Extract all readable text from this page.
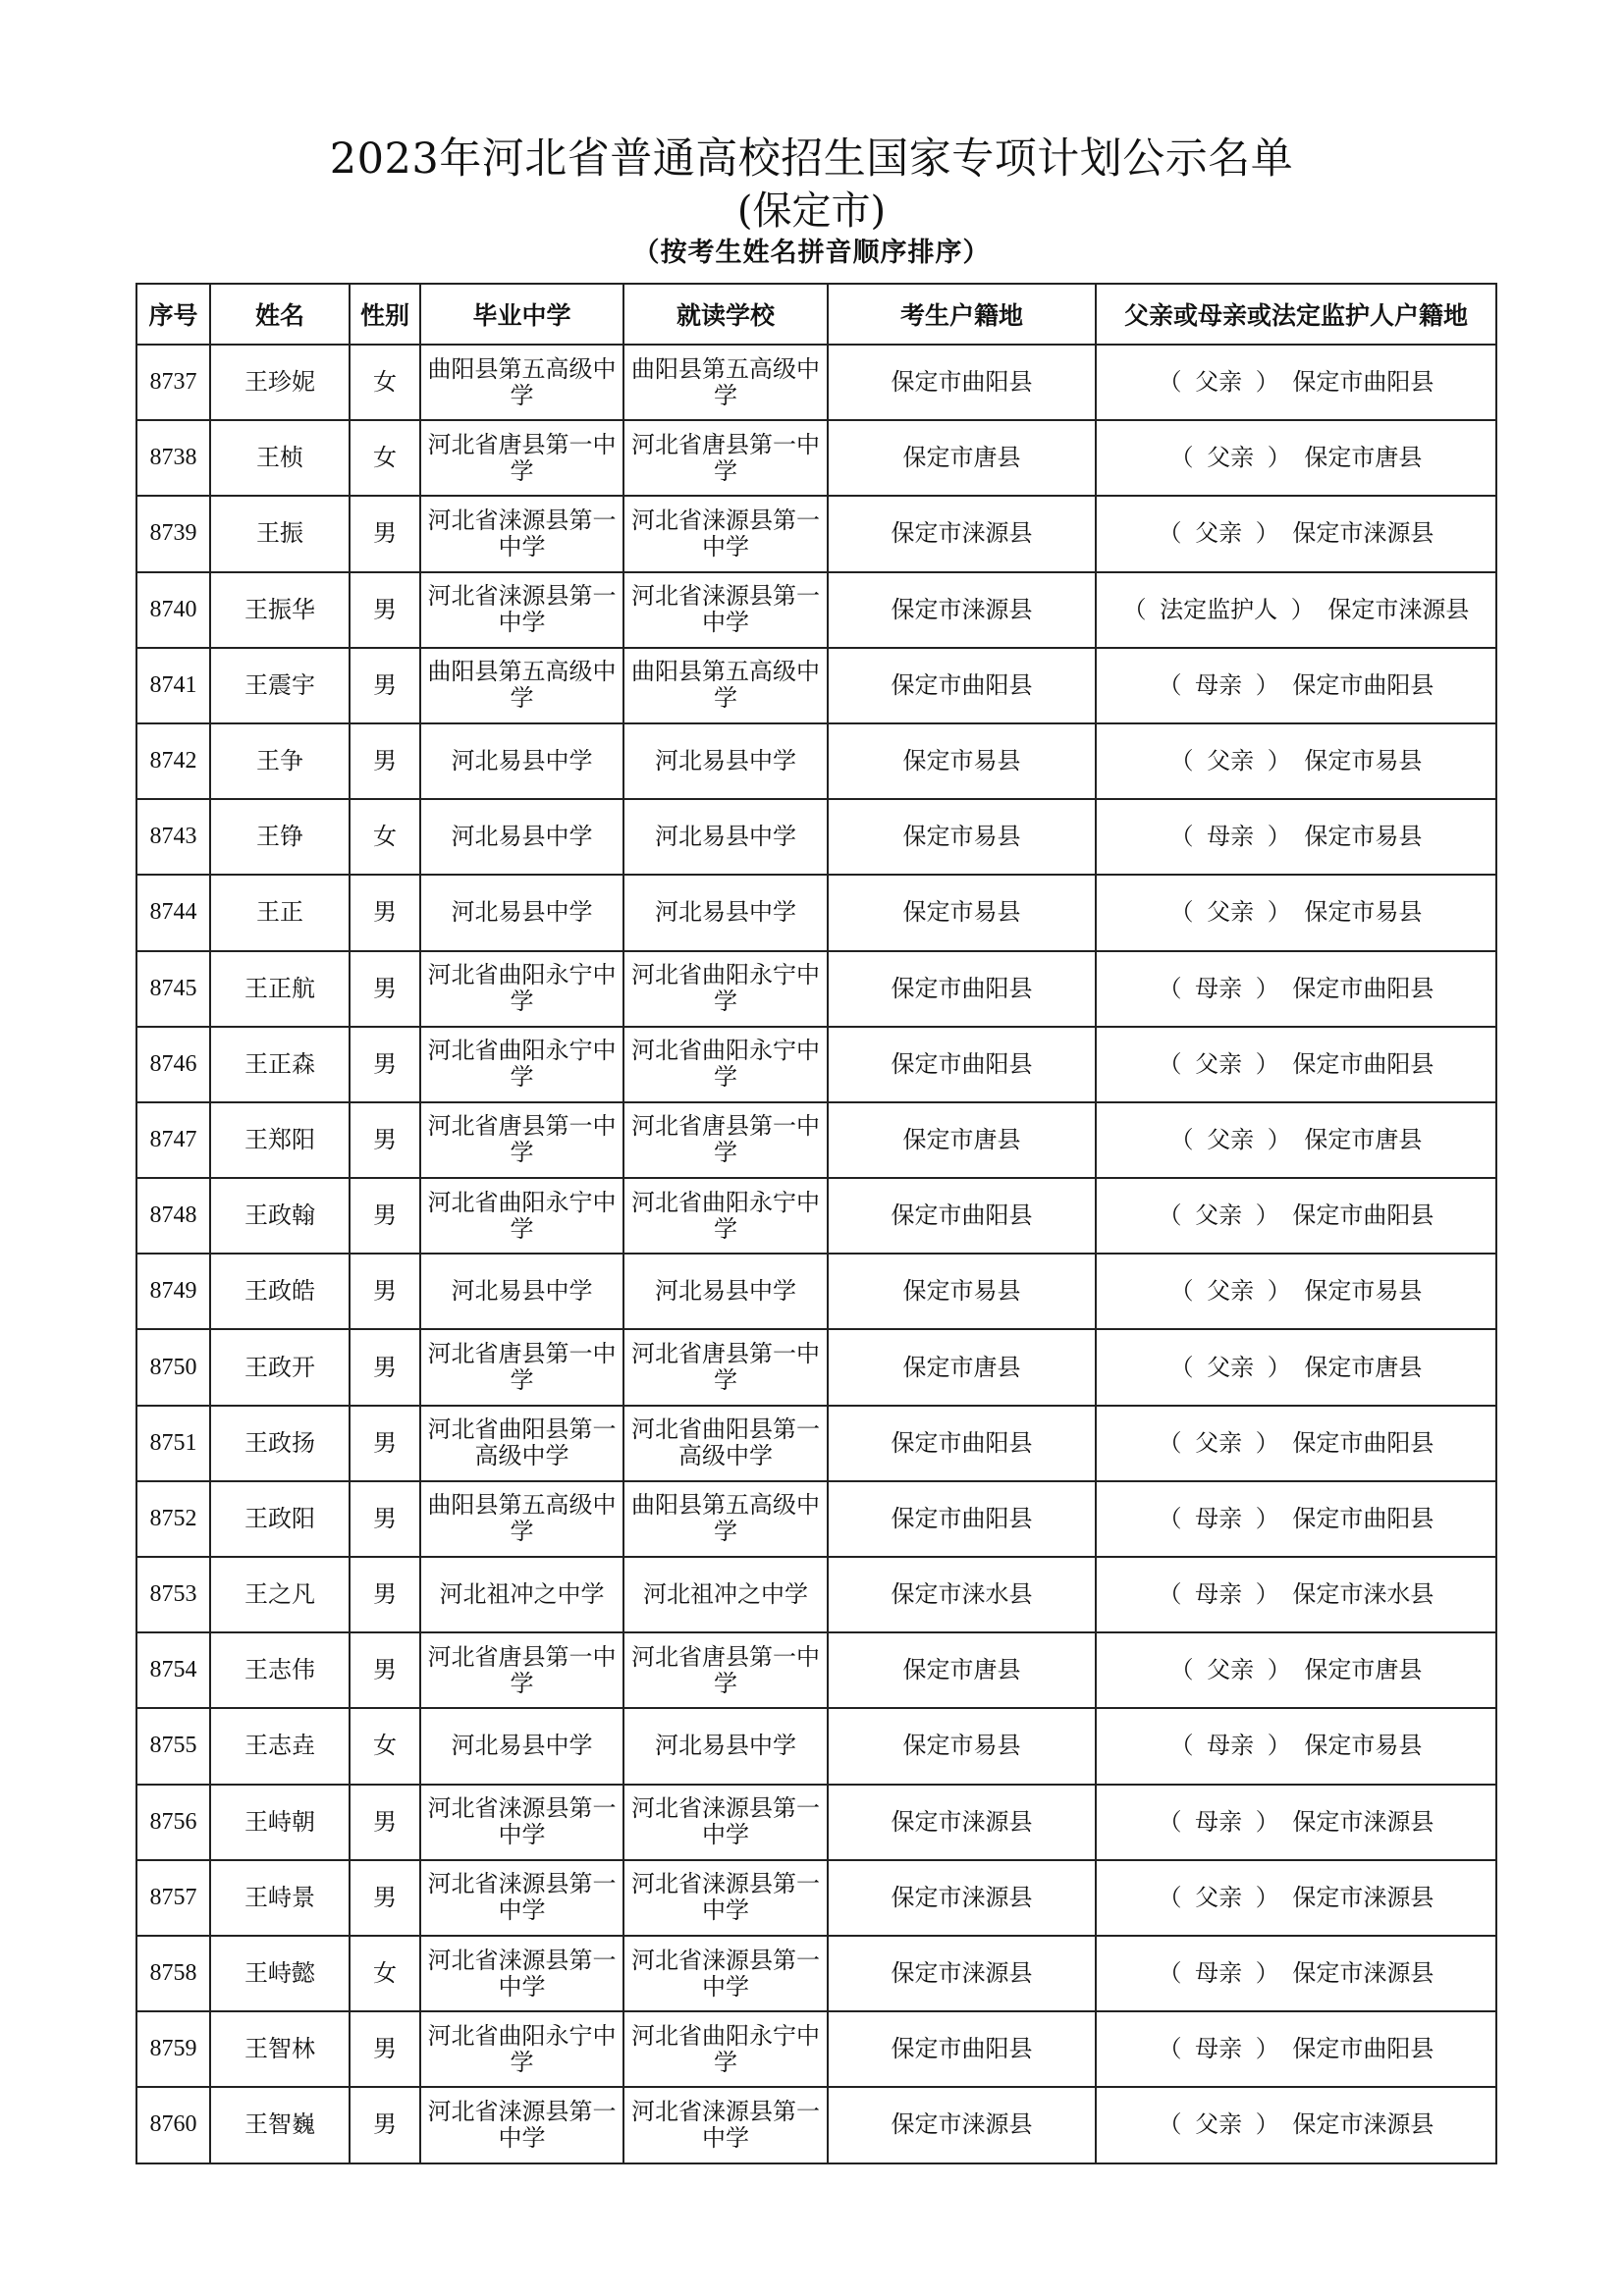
2023年河北省普通高校招生国家专项计划公示名单
(保定市)
（按考生姓名拼音顺序排序）
序号	姓名	性别	毕业中学	就读学校	考生户籍地	父亲或母亲或法定监护人户籍地
8737	王珍妮	女	曲阳县第五高级中学	曲阳县第五高级中学	保定市曲阳县	（ 父亲 ） 保定市曲阳县
8738	王桢	女	河北省唐县第一中学	河北省唐县第一中学	保定市唐县	（ 父亲 ） 保定市唐县
8739	王振	男	河北省涞源县第一中学	河北省涞源县第一中学	保定市涞源县	（ 父亲 ） 保定市涞源县
8740	王振华	男	河北省涞源县第一中学	河北省涞源县第一中学	保定市涞源县	（ 法定监护人 ） 保定市涞源县
8741	王震宇	男	曲阳县第五高级中学	曲阳县第五高级中学	保定市曲阳县	（ 母亲 ） 保定市曲阳县
8742	王争	男	河北易县中学	河北易县中学	保定市易县	（ 父亲 ） 保定市易县
8743	王铮	女	河北易县中学	河北易县中学	保定市易县	（ 母亲 ） 保定市易县
8744	王正	男	河北易县中学	河北易县中学	保定市易县	（ 父亲 ） 保定市易县
8745	王正航	男	河北省曲阳永宁中学	河北省曲阳永宁中学	保定市曲阳县	（ 母亲 ） 保定市曲阳县
8746	王正森	男	河北省曲阳永宁中学	河北省曲阳永宁中学	保定市曲阳县	（ 父亲 ） 保定市曲阳县
8747	王郑阳	男	河北省唐县第一中学	河北省唐县第一中学	保定市唐县	（ 父亲 ） 保定市唐县
8748	王政翰	男	河北省曲阳永宁中学	河北省曲阳永宁中学	保定市曲阳县	（ 父亲 ） 保定市曲阳县
8749	王政皓	男	河北易县中学	河北易县中学	保定市易县	（ 父亲 ） 保定市易县
8750	王政开	男	河北省唐县第一中学	河北省唐县第一中学	保定市唐县	（ 父亲 ） 保定市唐县
8751	王政扬	男	河北省曲阳县第一高级中学	河北省曲阳县第一高级中学	保定市曲阳县	（ 父亲 ） 保定市曲阳县
8752	王政阳	男	曲阳县第五高级中学	曲阳县第五高级中学	保定市曲阳县	（ 母亲 ） 保定市曲阳县
8753	王之凡	男	河北祖冲之中学	河北祖冲之中学	保定市涞水县	（ 母亲 ） 保定市涞水县
8754	王志伟	男	河北省唐县第一中学	河北省唐县第一中学	保定市唐县	（ 父亲 ） 保定市唐县
8755	王志垚	女	河北易县中学	河北易县中学	保定市易县	（ 母亲 ） 保定市易县
8756	王峙朝	男	河北省涞源县第一中学	河北省涞源县第一中学	保定市涞源县	（ 母亲 ） 保定市涞源县
8757	王峙景	男	河北省涞源县第一中学	河北省涞源县第一中学	保定市涞源县	（ 父亲 ） 保定市涞源县
8758	王峙懿	女	河北省涞源县第一中学	河北省涞源县第一中学	保定市涞源县	（ 母亲 ） 保定市涞源县
8759	王智林	男	河北省曲阳永宁中学	河北省曲阳永宁中学	保定市曲阳县	（ 母亲 ） 保定市曲阳县
8760	王智巍	男	河北省涞源县第一中学	河北省涞源县第一中学	保定市涞源县	（ 父亲 ） 保定市涞源县
